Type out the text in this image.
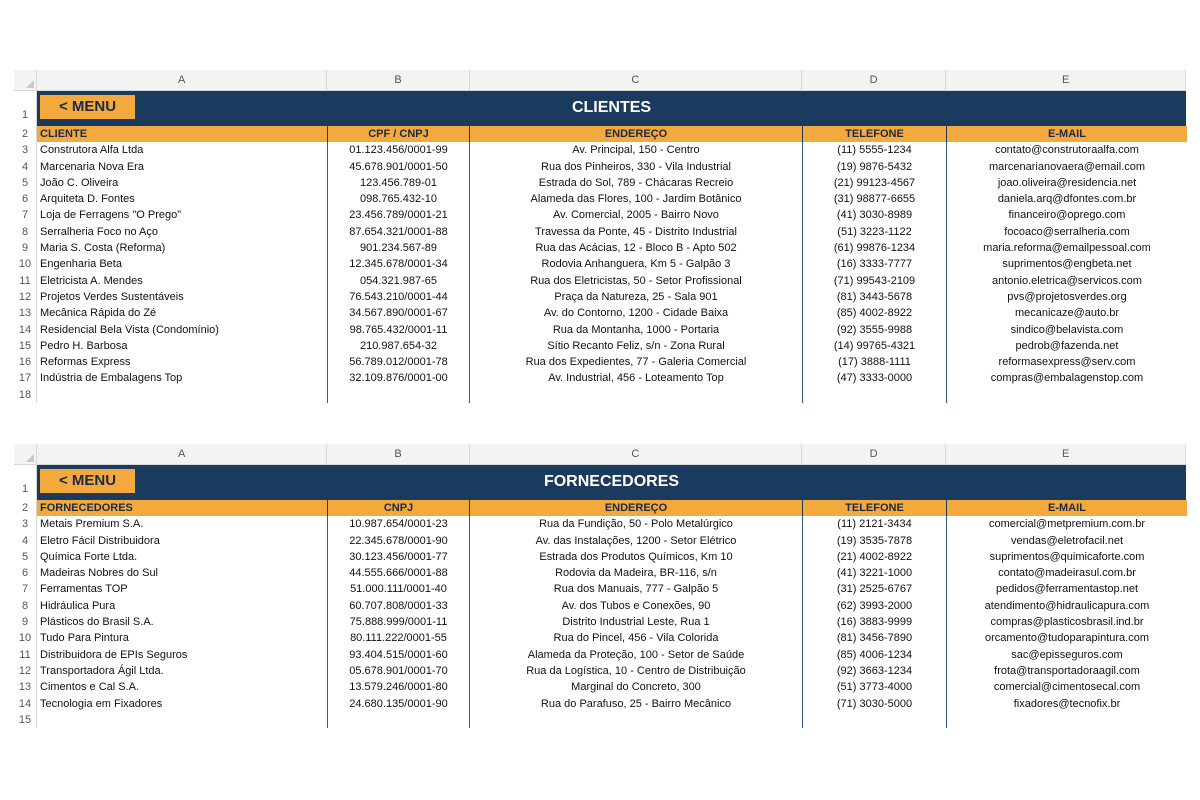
A	B	C	D	E
1	< MENU	CLIENTES
2	CLIENTE	CPF / CNPJ	ENDEREÇO	TELEFONE	E-MAIL
3	Construtora Alfa Ltda	01.123.456/0001-99	Av. Principal, 150 - Centro	(11) 5555-1234	contato@construtoraalfa.com
4	Marcenaria Nova Era	45.678.901/0001-50	Rua dos Pinheiros, 330 - Vila Industrial	(19) 9876-5432	marcenarianovaera@email.com
5	João C. Oliveira	123.456.789-01	Estrada do Sol, 789 - Chácaras Recreio	(21) 99123-4567	joao.oliveira@residencia.net
6	Arquiteta D. Fontes	098.765.432-10	Alameda das Flores, 100 - Jardim Botânico	(31) 98877-6655	daniela.arq@dfontes.com.br
7	Loja de Ferragens "O Prego"	23.456.789/0001-21	Av. Comercial, 2005 - Bairro Novo	(41) 3030-8989	financeiro@oprego.com
8	Serralheria Foco no Aço	87.654.321/0001-88	Travessa da Ponte, 45 - Distrito Industrial	(51) 3223-1122	focoaco@serralheria.com
9	Maria S. Costa (Reforma)	901.234.567-89	Rua das Acácias, 12 - Bloco B - Apto 502	(61) 99876-1234	maria.reforma@emailpessoal.com
10 Engenharia Beta	12.345.678/0001-34	Rodovia Anhanguera, Km 5 - Galpão 3	(16) 3333-7777	suprimentos@engbeta.net
11 Eletricista A. Mendes	054.321.987-65	Rua dos Eletricistas, 50 - Setor Profissional	(71) 99543-2109	antonio.eletrica@servicos.com
12 Projetos Verdes Sustentáveis	76.543.210/0001-44	Praça da Natureza, 25 - Sala 901	(81) 3443-5678	pvs@projetosverdes.org
13 Mecânica Rápida do Zé	34.567.890/0001-67	Av. do Contorno, 1200 - Cidade Baixa	(85) 4002-8922	mecanicaze@auto.br
14 Residencial Bela Vista (Condomínio)	98.765.432/0001-11	Rua da Montanha, 1000 - Portaria	(92) 3555-9988	sindico@belavista.com
15 Pedro H. Barbosa	210.987.654-32	Sítio Recanto Feliz, s/n - Zona Rural	(14) 99765-4321	pedrob@fazenda.net
16 Reformas Express	56.789.012/0001-78	Rua dos Expedientes, 77 - Galeria Comercial	(17) 3888-1111	reformasexpress@serv.com
17 Indústria de Embalagens Top	32.109.876/0001-00	Av. Industrial, 456 - Loteamento Top	(47) 3333-0000	compras@embalagenstop.com
18
A	B	C	D	E
1	< MENU	FORNECEDORES
2	FORNECEDORES	CNPJ	ENDEREÇO	TELEFONE	E-MAIL
3	Metais Premium S.A.	10.987.654/0001-23	Rua da Fundição, 50 - Polo Metalúrgico	(11) 2121-3434	comercial@metpremium.com.br
4	Eletro Fácil Distribuidora	22.345.678/0001-90	Av. das Instalações, 1200 - Setor Elétrico	(19) 3535-7878	vendas@eletrofacil.net
5	Química Forte Ltda.	30.123.456/0001-77	Estrada dos Produtos Químicos, Km 10	(21) 4002-8922	suprimentos@quimicaforte.com
6	Madeiras Nobres do Sul	44.555.666/0001-88	Rodovia da Madeira, BR-116, s/n	(41) 3221-1000	contato@madeirasul.com.br
7	Ferramentas TOP	51.000.111/0001-40	Rua dos Manuais, 777 - Galpão 5	(31) 2525-6767	pedidos@ferramentastop.net
8	Hidráulica Pura	60.707.808/0001-33	Av. dos Tubos e Conexões, 90	(62) 3993-2000	atendimento@hidraulicapura.com
9	Plásticos do Brasil S.A.	75.888.999/0001-11	Distrito Industrial Leste, Rua 1	(16) 3883-9999	compras@plasticosbrasil.ind.br
10 Tudo Para Pintura	80.111.222/0001-55	Rua do Pincel, 456 - Vila Colorida	(81) 3456-7890	orcamento@tudoparapintura.com
11 Distribuidora de EPIs Seguros	93.404.515/0001-60	Alameda da Proteção, 100 - Setor de Saúde	(85) 4006-1234	sac@episseguros.com
12 Transportadora Ágil Ltda.	05.678.901/0001-70	Rua da Logística, 10 - Centro de Distribuição	(92) 3663-1234	frota@transportadoraagil.com
13 Cimentos e Cal S.A.	13.579.246/0001-80	Marginal do Concreto, 300	(51) 3773-4000	comercial@cimentosecal.com
14 Tecnologia em Fixadores	24.680.135/0001-90	Rua do Parafuso, 25 - Bairro Mecânico	(71) 3030-5000	fixadores@tecnofix.br
15
